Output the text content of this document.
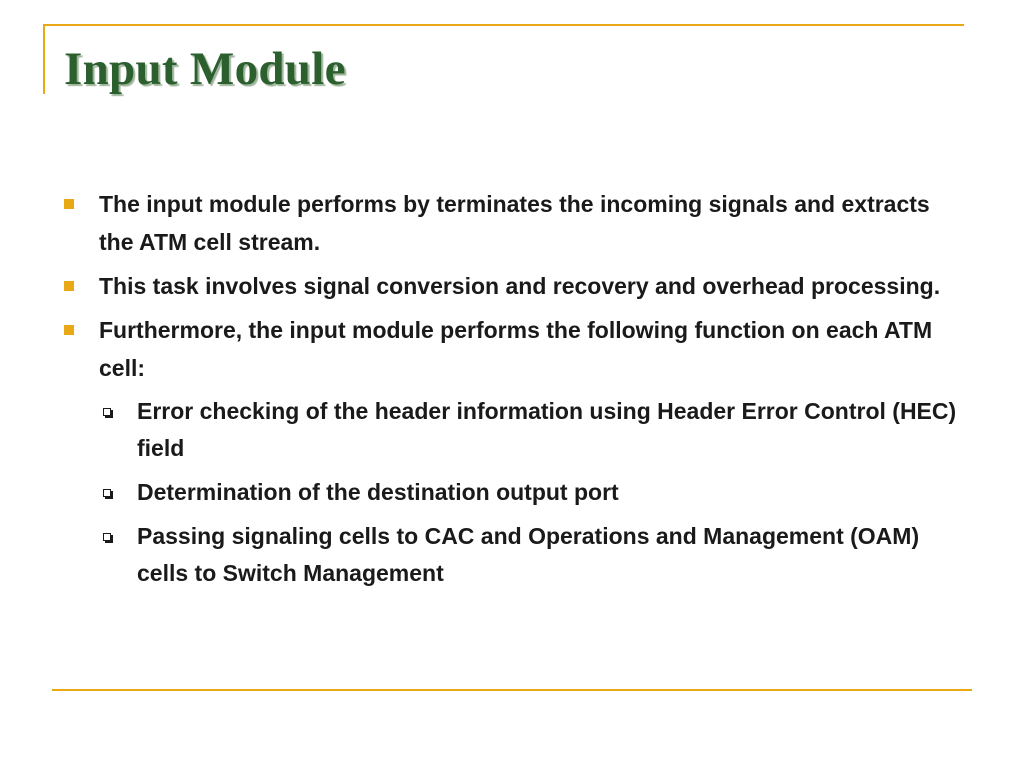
Input Module
The input module performs by terminates the incoming signals and extracts the ATM cell stream.
This task involves signal conversion and recovery and overhead processing.
Furthermore, the input module performs the following function on each ATM cell:
Error checking of the header information using Header Error Control (HEC) field
Determination of the destination output port
Passing signaling cells to CAC and Operations and Management (OAM) cells to Switch Management
